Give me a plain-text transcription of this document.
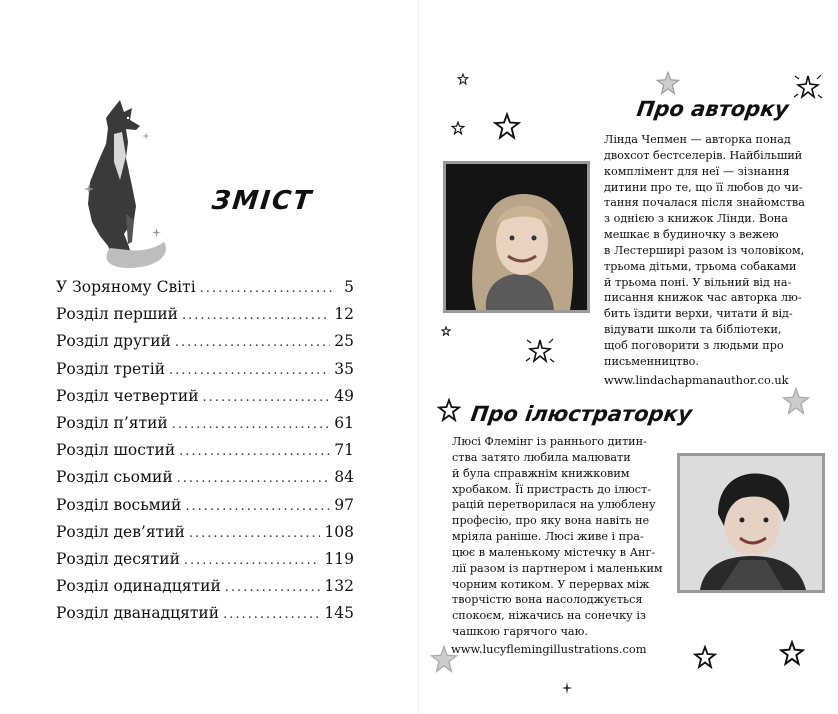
ЗМІСТ
У Зоряному Світі .....	5
Розділ перший .....	12
Розділ другий .....	25
Розділ третій .....	35
Розділ четвертий .....	49
Розділ п’ятий .....	61
Розділ шостий .....	71
Розділ сьомий .....	84
Розділ восьмий .....	97
Розділ дев’ятий .....	108
Розділ десятий .....	119
Розділ одинадцятий .....	132
Розділ дванадцятий .....	145
Про авторку
Лінда Чепмен — авторка понад
двохсот бестселерів. Найбільший
комплімент для неї — зізнання
дитини про те, що її любов до чи-
тання почалася після знайомства
з однією з книжок Лінди. Вона
мешкає в будиночку з вежею
в Лестерширі разом із чоловіком,
трьома дітьми, трьома собаками
й трьома поні. У вільний від на-
писання книжок час авторка лю-
бить їздити верхи, читати й від-
відувати школи та бібліотеки,
щоб поговорити з людьми про
письменництво.
www.lindachapmanauthor.co.uk
Про ілюстраторку
Люсі Флемінг із раннього дитин-
ства затято любила малювати
й була справжнім книжковим
хробаком. Її пристрасть до ілюст-
рацій перетворилася на улюблену
професію, про яку вона навіть не
мріяла раніше. Люсі живе і пра-
цює в маленькому містечку в Анг-
лії разом із партнером і маленьким
чорним котиком. У перервах між
творчістю вона насолоджується
спокоєм, ніжачись на сонечку із
чашкою гарячого чаю.
www.lucyflemingillustrations.com
